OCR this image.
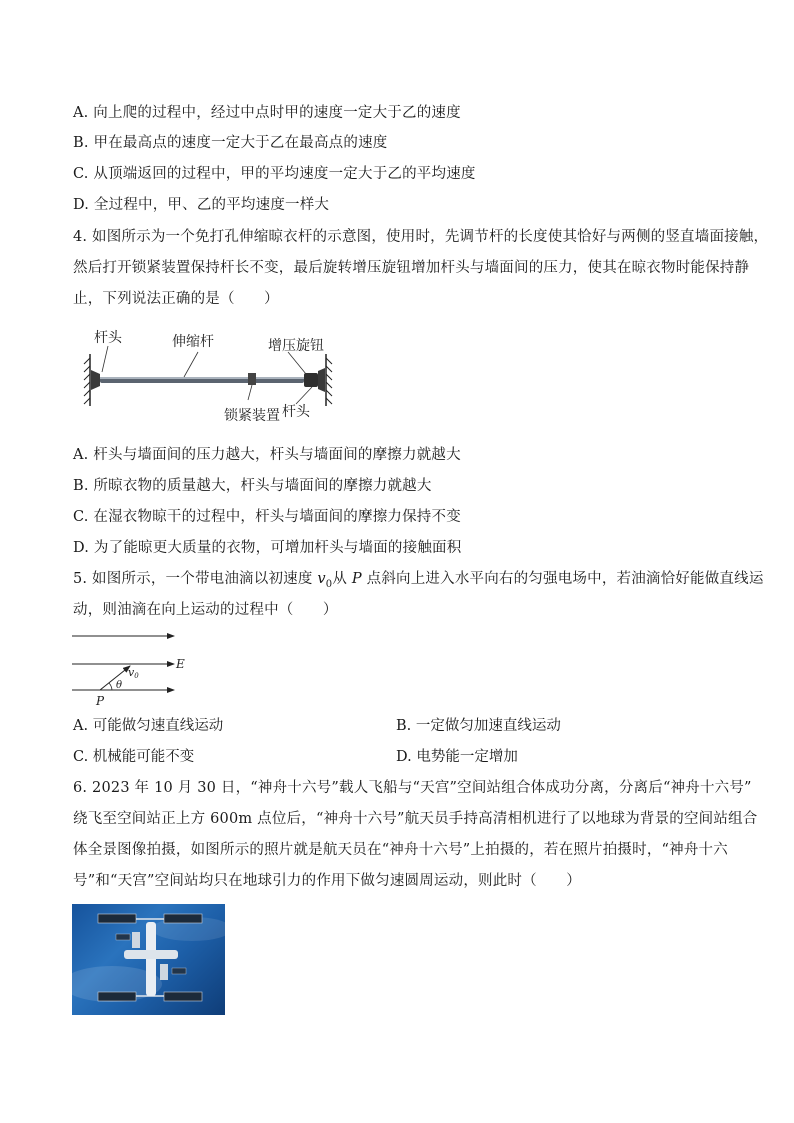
A. 向上爬的过程中，经过中点时甲的速度一定大于乙的速度
B. 甲在最高点的速度一定大于乙在最高点的速度
C. 从顶端返回的过程中，甲的平均速度一定大于乙的平均速度
D. 全过程中，甲、乙的平均速度一样大
4. 如图所示为一个免打孔伸缩晾衣杆的示意图，使用时，先调节杆的长度使其恰好与两侧的竖直墙面接触，
然后打开锁紧装置保持杆长不变，最后旋转增压旋钮增加杆头与墙面间的压力，使其在晾衣物时能保持静
止，下列说法正确的是（　　）
杆头	伸缩杆	增压旋钮
锁紧装置 杆头
A. 杆头与墙面间的压力越大，杆头与墙面间的摩擦力就越大
B. 所晾衣物的质量越大，杆头与墙面间的摩擦力就越大
C. 在湿衣物晾干的过程中，杆头与墙面间的摩擦力保持不变
D. 为了能晾更大质量的衣物，可增加杆头与墙面的接触面积
5. 如图所示，一个带电油滴以初速度 $v_0$从 P 点斜向上进入水平向右的匀强电场中，若油滴恰好能做直线运
动，则油滴在向上运动的过程中（　　）
E
v0
θ
P
A. 可能做匀速直线运动	B. 一定做匀加速直线运动
C. 机械能可能不变	D. 电势能一定增加
6. 2023 年 10 月 30 日，“神舟十六号”载人飞船与“天宫”空间站组合体成功分离，分离后“神舟十六号”
绕飞至空间站正上方 600m 点位后，“神舟十六号”航天员手持高清相机进行了以地球为背景的空间站组合
体全景图像拍摄，如图所示的照片就是航天员在“神舟十六号”上拍摄的，若在照片拍摄时，“神舟十六
号”和“天宫”空间站均只在地球引力的作用下做匀速圆周运动，则此时（　　）
